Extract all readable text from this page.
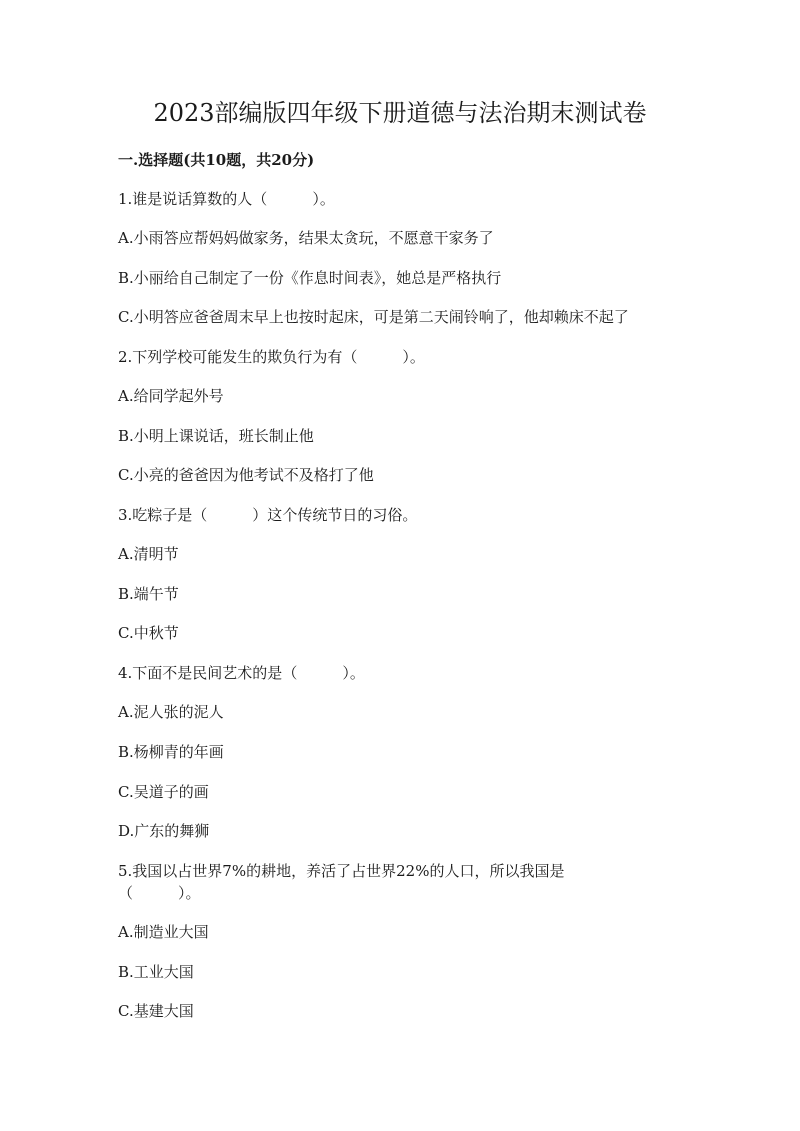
2023部编版四年级下册道德与法治期末测试卷
一.选择题(共10题，共20分)
1.谁是说话算数的人（　　　）。
A.小雨答应帮妈妈做家务，结果太贪玩，不愿意干家务了
B.小丽给自己制定了一份《作息时间表》，她总是严格执行
C.小明答应爸爸周末早上也按时起床，可是第二天闹铃响了，他却赖床不起了
2.下列学校可能发生的欺负行为有（　　　）。
A.给同学起外号
B.小明上课说话，班长制止他
C.小亮的爸爸因为他考试不及格打了他
3.吃粽子是（　　　）这个传统节日的习俗。
A.清明节
B.端午节
C.中秋节
4.下面不是民间艺术的是（　　　）。
A.泥人张的泥人
B.杨柳青的年画
C.吴道子的画
D.广东的舞狮
5.我国以占世界7%的耕地，养活了占世界22%的人口，所以我国是
（　　　）。
A.制造业大国
B.工业大国
C.基建大国
